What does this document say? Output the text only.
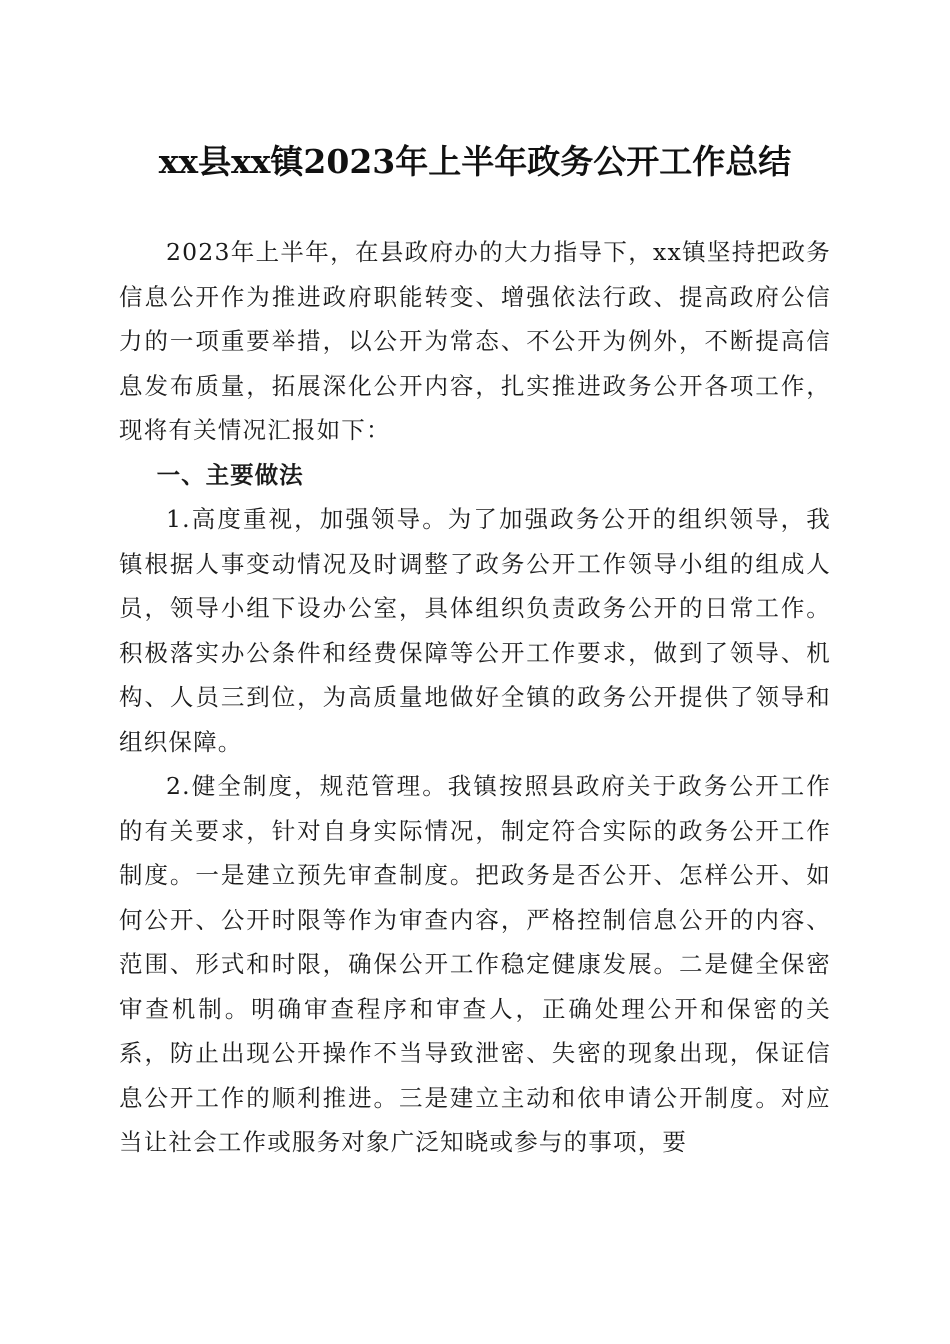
xx县xx镇2023年上半年政务公开工作总结

2023年上半年，在县政府办的大力指导下，xx镇坚持把政务信息公开作为推进政府职能转变、增强依法行政、提高政府公信力的一项重要举措，以公开为常态、不公开为例外，不断提高信息发布质量，拓展深化公开内容，扎实推进政务公开各项工作，现将有关情况汇报如下：

一、主要做法

1.高度重视，加强领导。为了加强政务公开的组织领导，我镇根据人事变动情况及时调整了政务公开工作领导小组的组成人员，领导小组下设办公室，具体组织负责政务公开的日常工作。积极落实办公条件和经费保障等公开工作要求，做到了领导、机构、人员三到位，为高质量地做好全镇的政务公开提供了领导和组织保障。

2.健全制度，规范管理。我镇按照县政府关于政务公开工作的有关要求，针对自身实际情况，制定符合实际的政务公开工作制度。一是建立预先审查制度。把政务是否公开、怎样公开、如何公开、公开时限等作为审查内容，严格控制信息公开的内容、范围、形式和时限，确保公开工作稳定健康发展。二是健全保密审查机制。明确审查程序和审查人，正确处理公开和保密的关系，防止出现公开操作不当导致泄密、失密的现象出现，保证信息公开工作的顺利推进。三是建立主动和依申请公开制度。对应当让社会工作或服务对象广泛知晓或参与的事项，要
